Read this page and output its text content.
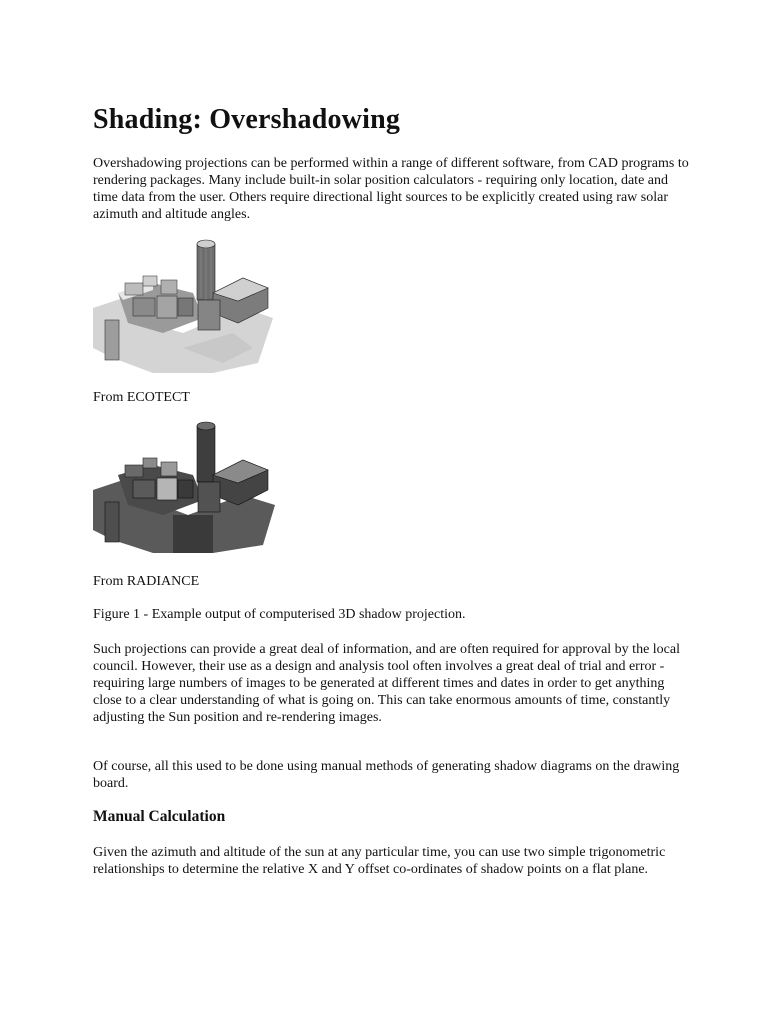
Shading: Overshadowing

Overshadowing projections can be performed within a range of different software, from CAD programs to rendering packages. Many include built-in solar position calculators - requiring only location, date and time data from the user. Others require directional light sources to be explicitly created using raw solar azimuth and altitude angles.

From ECOTECT
From RADIANCE
Figure 1 - Example output of computerised 3D shadow projection.

Such projections can provide a great deal of information, and are often required for approval by the local council. However, their use as a design and analysis tool often involves a great deal of trial and error - requiring large numbers of images to be generated at different times and dates in order to get anything close to a clear understanding of what is going on. This can take enormous amounts of time, constantly adjusting the Sun position and re-rendering images.

Of course, all this used to be done using manual methods of generating shadow diagrams on the drawing board.

Manual Calculation

Given the azimuth and altitude of the sun at any particular time, you can use two simple trigonometric relationships to determine the relative X and Y offset co-ordinates of shadow points on a flat plane.
